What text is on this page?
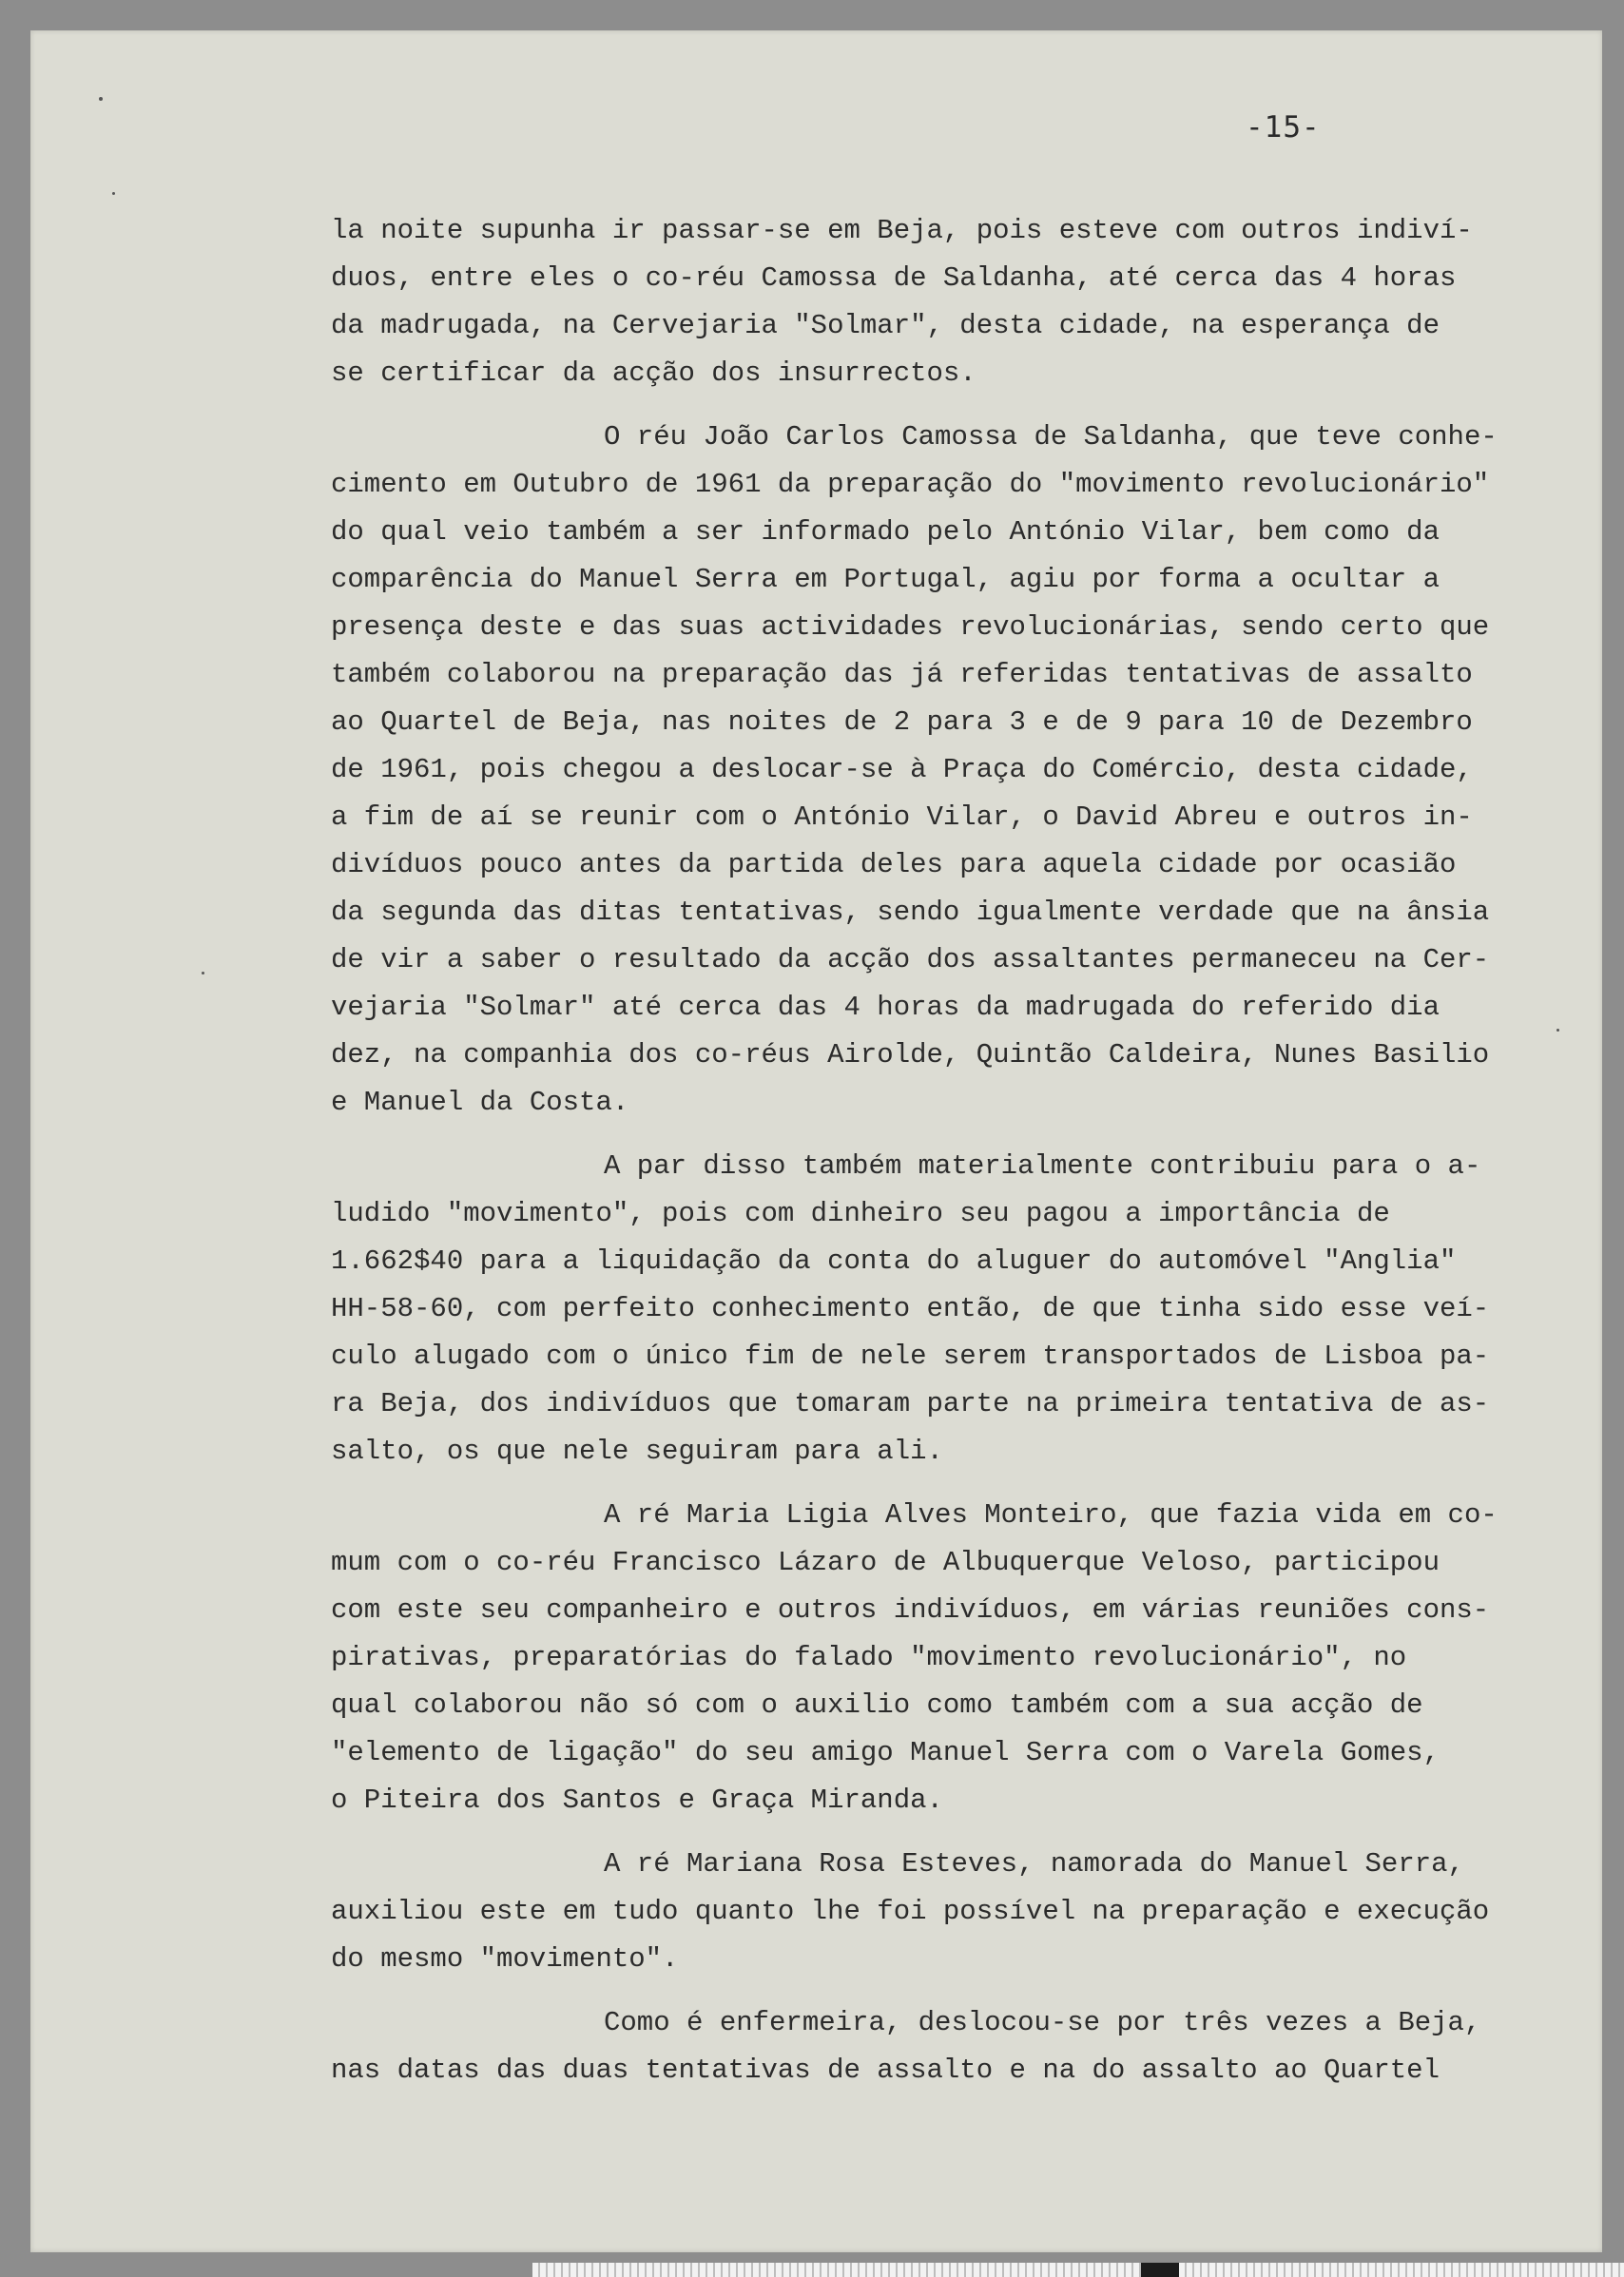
-15-
la noite supunha ir passar-se em Beja, pois esteve com outros indiví-
duos, entre eles o co-réu Camossa de Saldanha, até cerca das 4 horas
da madrugada, na Cervejaria "Solmar", desta cidade, na esperança de
se certificar da acção dos insurrectos.
O réu João Carlos Camossa de Saldanha, que teve conhe-
cimento em Outubro de 1961 da preparação do "movimento revolucionário"
do qual veio também a ser informado pelo António Vilar, bem como da
comparência do Manuel Serra em Portugal, agiu por forma a ocultar a
presença deste e das suas actividades revolucionárias, sendo certo que
também colaborou na preparação das já referidas tentativas de assalto
ao Quartel de Beja, nas noites de 2 para 3 e de 9 para 10 de Dezembro
de 1961, pois chegou a deslocar-se à Praça do Comércio, desta cidade,
a fim de aí se reunir com o António Vilar, o David Abreu e outros in-
divíduos pouco antes da partida deles para aquela cidade por ocasião
da segunda das ditas tentativas, sendo igualmente verdade que na ânsia
de vir a saber o resultado da acção dos assaltantes permaneceu na Cer-
vejaria "Solmar" até cerca das 4 horas da madrugada do referido dia
dez, na companhia dos co-réus Airolde, Quintão Caldeira, Nunes Basilio
e Manuel da Costa.
A par disso também materialmente contribuiu para o a-
ludido "movimento", pois com dinheiro seu pagou a importância de
1.662$40 para a liquidação da conta do aluguer do automóvel "Anglia"
HH-58-60, com perfeito conhecimento então, de que tinha sido esse veí-
culo alugado com o único fim de nele serem transportados de Lisboa pa-
ra Beja, dos indivíduos que tomaram parte na primeira tentativa de as-
salto, os que nele seguiram para ali.
A ré Maria Ligia Alves Monteiro, que fazia vida em co-
mum com o co-réu Francisco Lázaro de Albuquerque Veloso, participou
com este seu companheiro e outros indivíduos, em várias reuniões cons-
pirativas, preparatórias do falado "movimento revolucionário", no
qual colaborou não só com o auxilio como também com a sua acção de
"elemento de ligação" do seu amigo Manuel Serra com o Varela Gomes,
o Piteira dos Santos e Graça Miranda.
A ré Mariana Rosa Esteves, namorada do Manuel Serra,
auxiliou este em tudo quanto lhe foi possível na preparação e execução
do mesmo "movimento".
Como é enfermeira, deslocou-se por três vezes a Beja,
nas datas das duas tentativas de assalto e na do assalto ao Quartel
